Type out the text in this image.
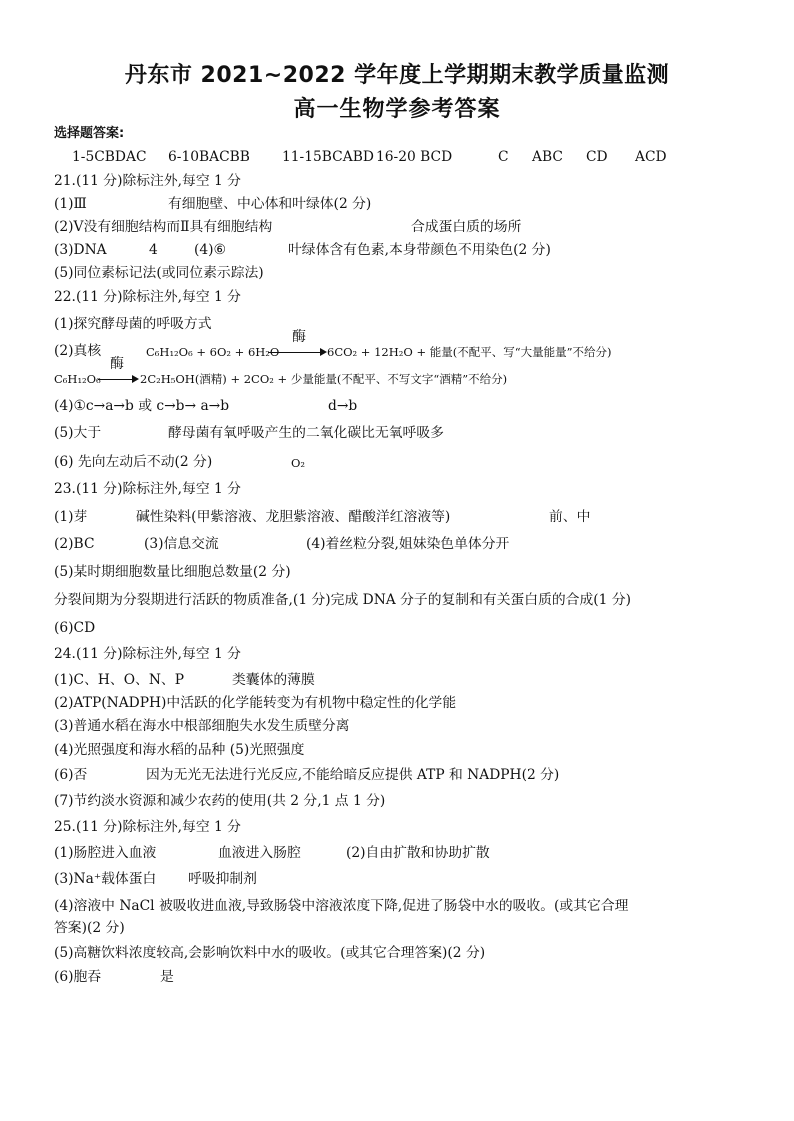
丹东市 2021~2022 学年度上学期期末教学质量监测
高一生物学参考答案
选择题答案:
1-5CBDAC 6-10BACBB 11-15BCABD 16-20 BCD	C ABC CD ACD
21.(11 分)除标注外,每空 1 分
(1)Ⅲ	有细胞壁、中心体和叶绿体(2 分)
(2)Ⅴ没有细胞结构而Ⅱ具有细胞结构	合成蛋白质的场所
(3)DNA	4	(4)⑥	叶绿体含有色素,本身带颜色不用染色(2 分)
(5)同位素标记法(或同位素示踪法)
22.(11 分)除标注外,每空 1 分
(1)探究酵母菌的呼吸方式
(2)真核	C₆H₁₂O₆ + 6O₂ + 6H₂O
酶
6CO₂ + 12H₂O + 能量(不配平、写“大量能量”不给分)
C₆H₁₂O₆
酶
2C₂H₅OH(酒精) + 2CO₂ + 少量能量(不配平、不写文字“酒精”不给分)
(4)①c→a→b 或 c→b→ a→b	d→b
(5)大于	酵母菌有氧呼吸产生的二氧化碳比无氧呼吸多
(6) 先向左动后不动(2 分)	O₂
23.(11 分)除标注外,每空 1 分
(1)芽	碱性染料(甲紫溶液、龙胆紫溶液、醋酸洋红溶液等)	前、中
(2)BC	(3)信息交流	(4)着丝粒分裂,姐妹染色单体分开
(5)某时期细胞数量比细胞总数量(2 分)
分裂间期为分裂期进行活跃的物质准备,(1 分)完成 DNA 分子的复制和有关蛋白质的合成(1 分)
(6)CD
24.(11 分)除标注外,每空 1 分
(1)C、H、O、N、P	类囊体的薄膜
(2)ATP(NADPH)中活跃的化学能转变为有机物中稳定性的化学能
(3)普通水稻在海水中根部细胞失水发生质壁分离
(4)光照强度和海水稻的品种 (5)光照强度
(6)否	因为无光无法进行光反应,不能给暗反应提供 ATP 和 NADPH(2 分)
(7)节约淡水资源和减少农药的使用(共 2 分,1 点 1 分)
25.(11 分)除标注外,每空 1 分
(1)肠腔进入血液	血液进入肠腔	(2)自由扩散和协助扩散
(3)Na⁺载体蛋白 呼吸抑制剂
(4)溶液中 NaCl 被吸收进血液,导致肠袋中溶液浓度下降,促进了肠袋中水的吸收。(或其它合理
答案)(2 分)
(5)高糖饮料浓度较高,会影响饮料中水的吸收。(或其它合理答案)(2 分)
(6)胞吞	是
